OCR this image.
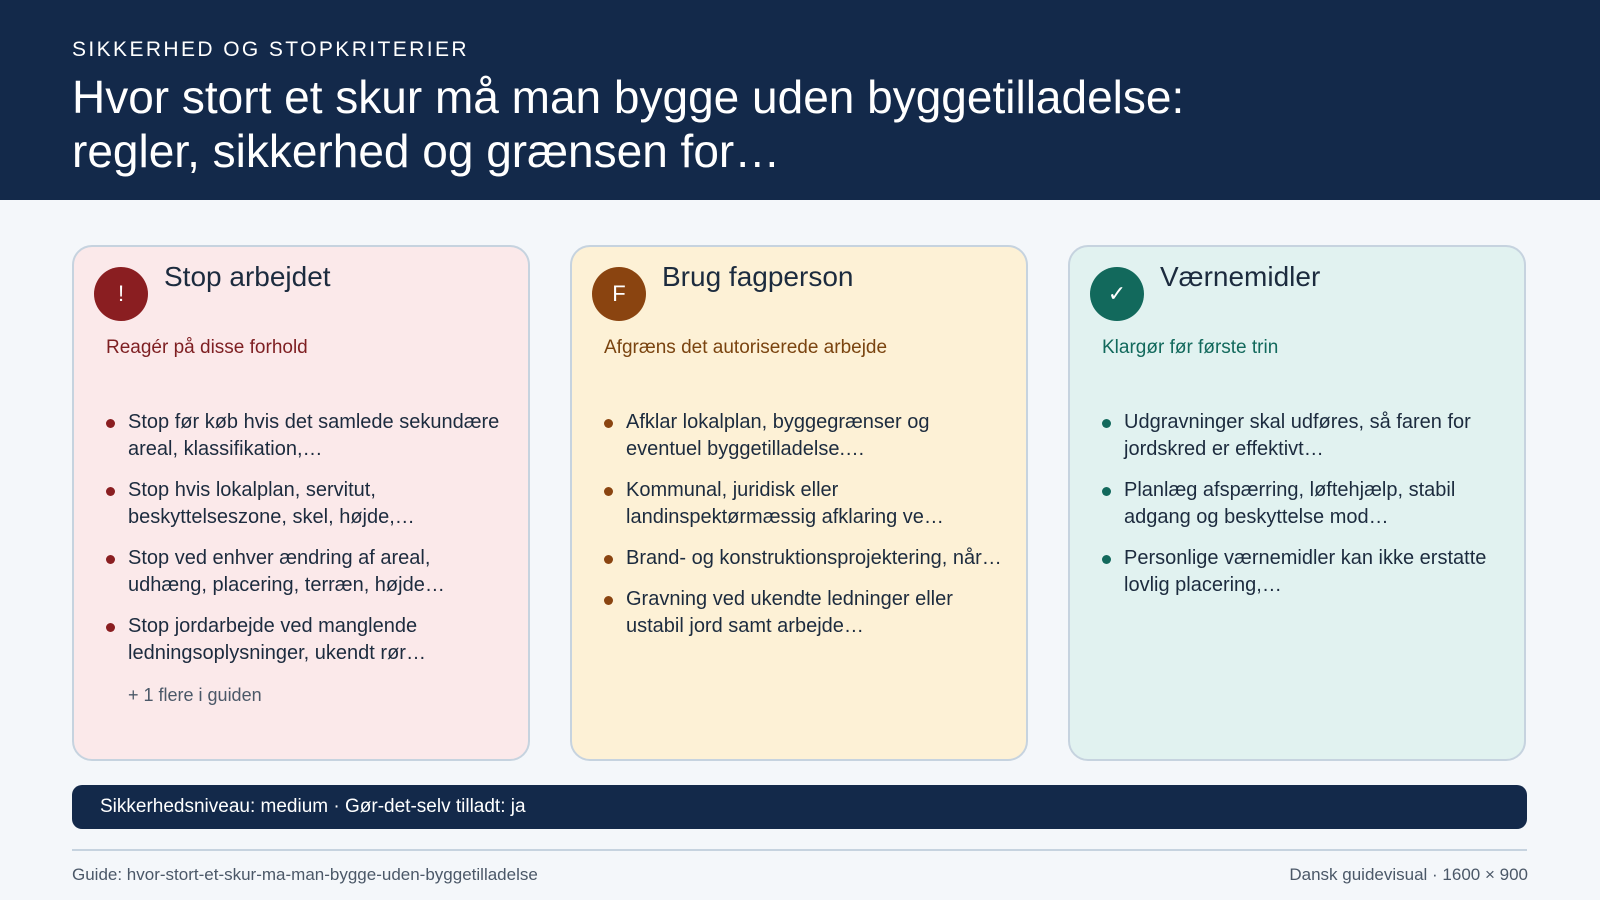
SIKKERHED OG STOPKRITERIER
Hvor stort et skur må man bygge uden byggetilladelse: regler, sikkerhed og grænsen for…
!
Stop arbejdet
Reagér på disse forhold
Stop før køb hvis det samlede sekundære areal, klassifikation,…
Stop hvis lokalplan, servitut, beskyttelseszone, skel, højde,…
Stop ved enhver ændring af areal, udhæng, placering, terræn, højde…
Stop jordarbejde ved manglende ledningsoplysninger, ukendt rør…
+ 1 flere i guiden
F
Brug fagperson
Afgræns det autoriserede arbejde
Afklar lokalplan, byggegrænser og eventuel byggetilladelse.…
Kommunal, juridisk eller landinspektørmæssig afklaring ve…
Brand- og konstruktionsprojektering, når…
Gravning ved ukendte ledninger eller ustabil jord samt arbejde…
✓
Værnemidler
Klargør før første trin
Udgravninger skal udføres, så faren for jordskred er effektivt…
Planlæg afspærring, løftehjælp, stabil adgang og beskyttelse mod…
Personlige værnemidler kan ikke erstatte lovlig placering,…
Sikkerhedsniveau: medium · Gør-det-selv tilladt: ja
Guide: hvor-stort-et-skur-ma-man-bygge-uden-byggetilladelse	Dansk guidevisual · 1600 × 900
